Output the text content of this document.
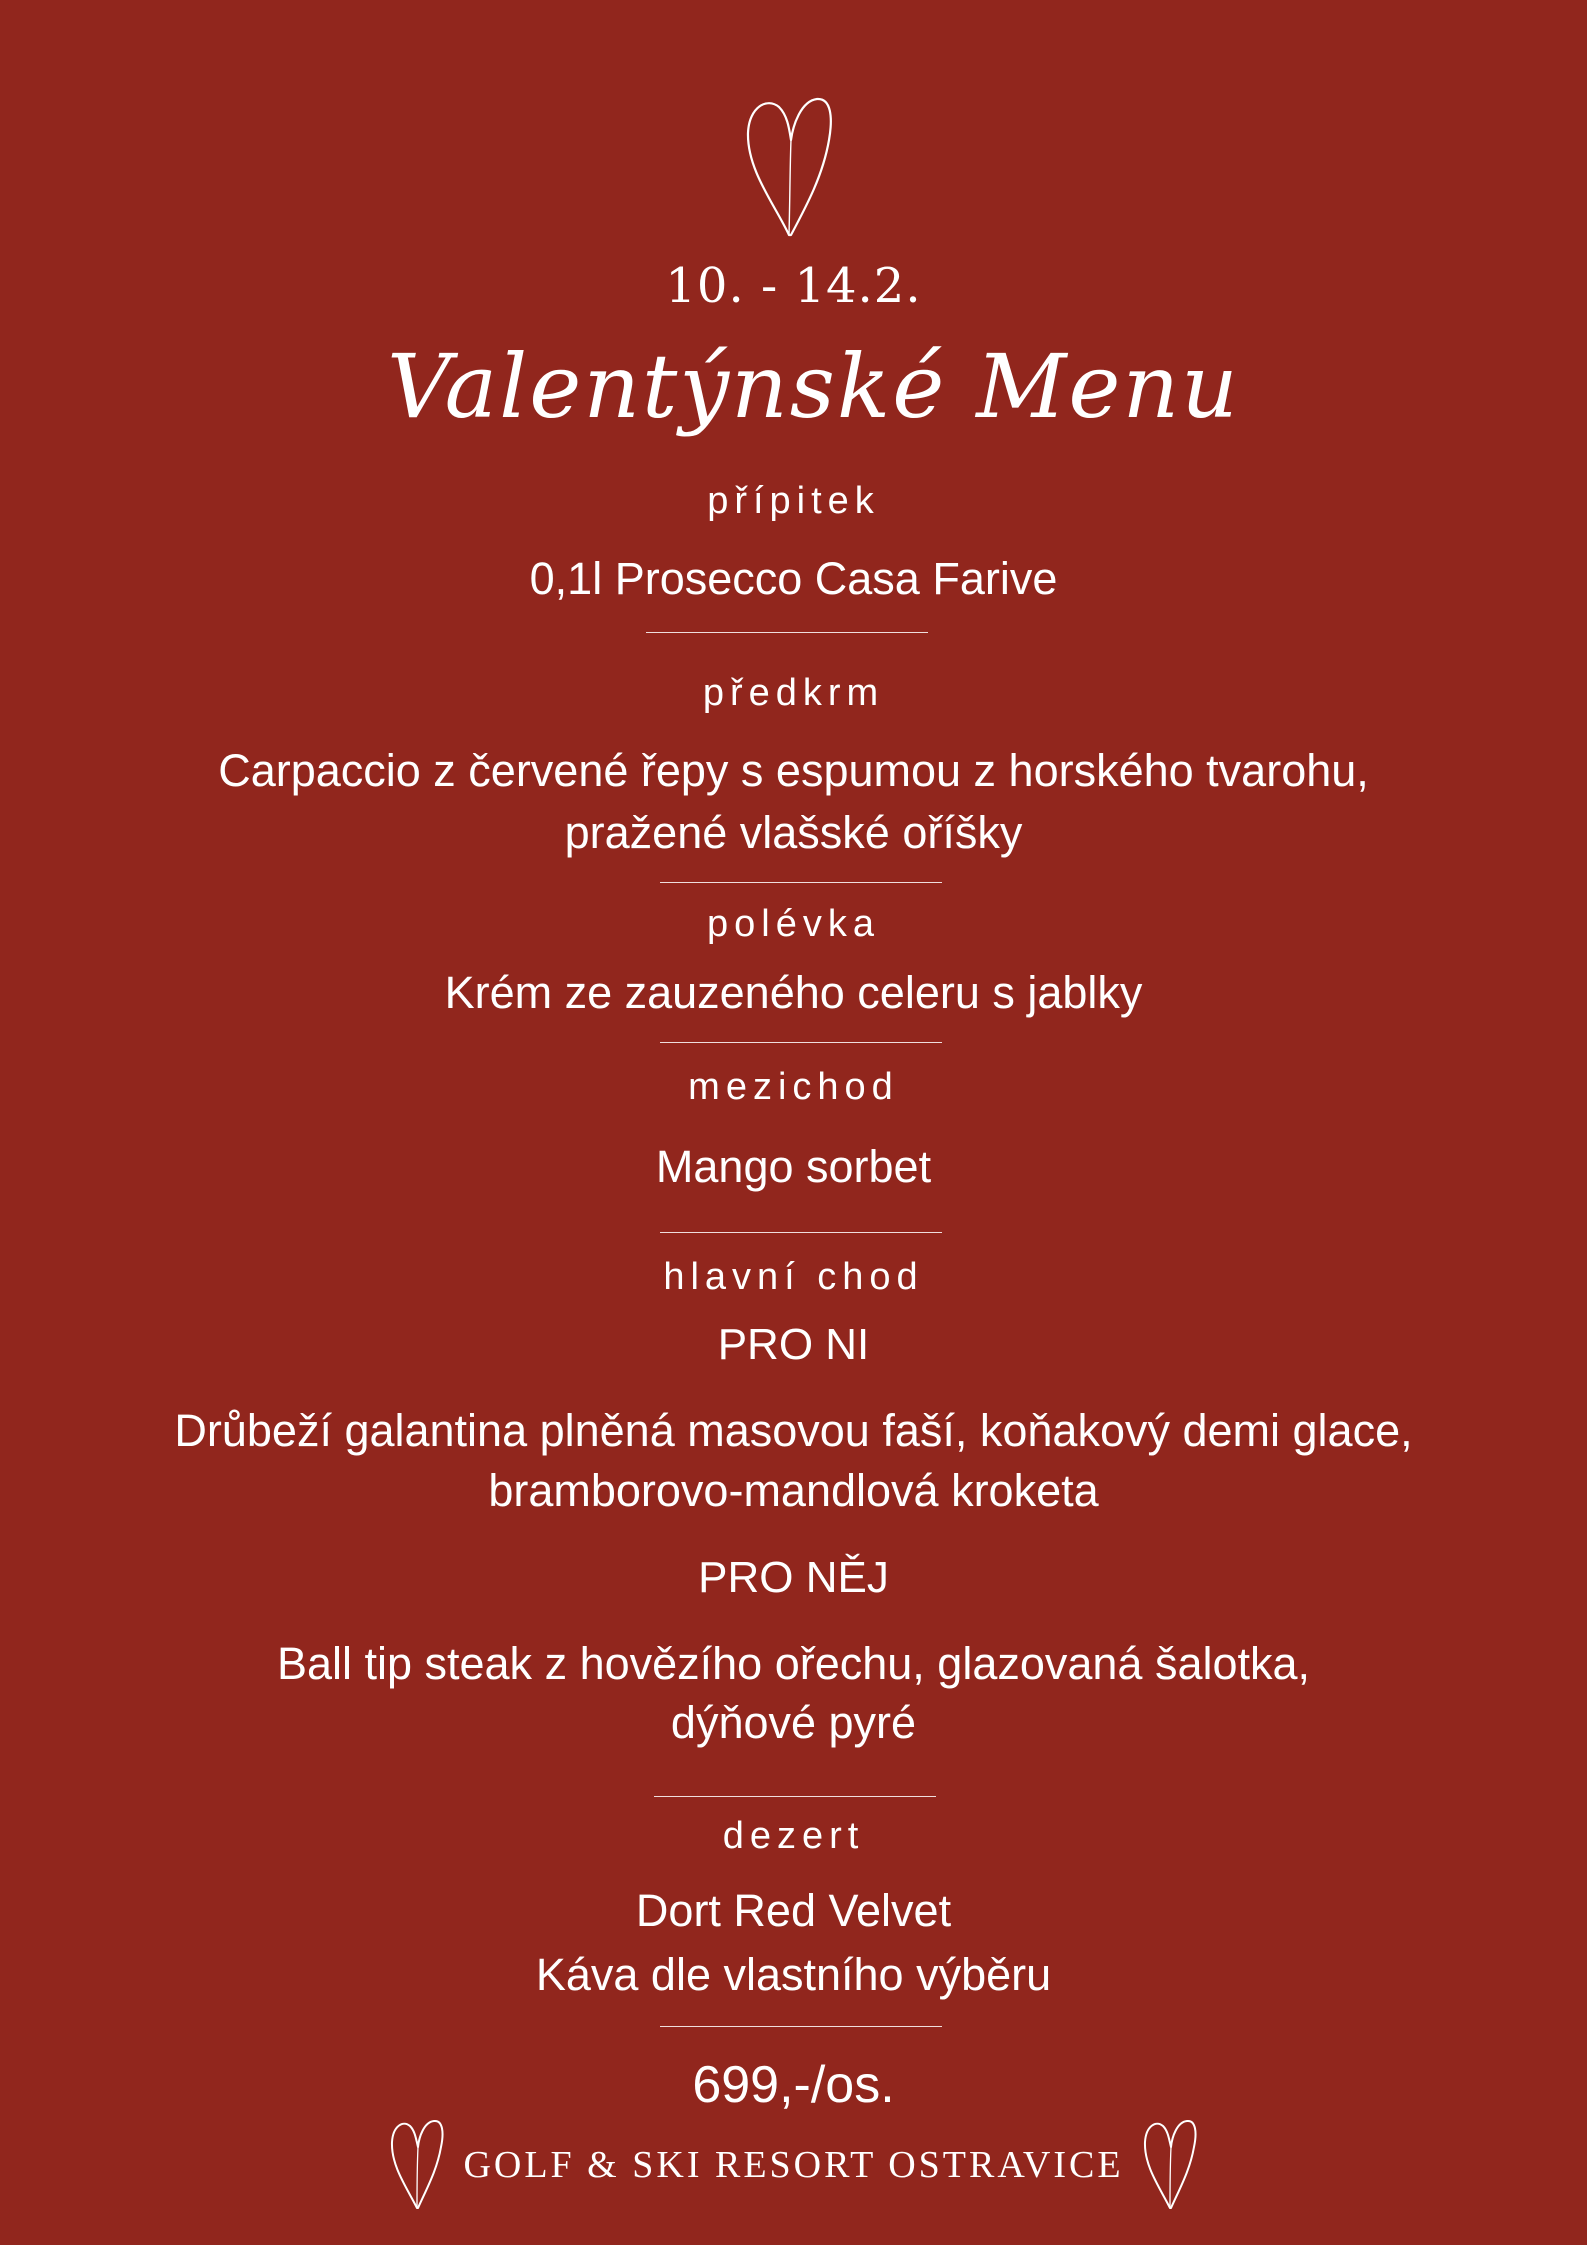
10. - 14.2.
Valentýnské Menu
přípitek
0,1l Prosecco Casa Farive
předkrm
Carpaccio z červené řepy s espumou z horského tvarohu,
pražené vlašské oříšky
polévka
Krém ze zauzeného celeru s jablky
mezichod
Mango sorbet
hlavní chod
PRO NI
Drůbeží galantina plněná masovou faší, koňakový demi glace,
bramborovo-mandlová kroketa
PRO NĚJ
Ball tip steak z hovězího ořechu, glazovaná šalotka,
dýňové pyré
dezert
Dort Red Velvet
Káva dle vlastního výběru
699,-/os.
GOLF & SKI RESORT OSTRAVICE
